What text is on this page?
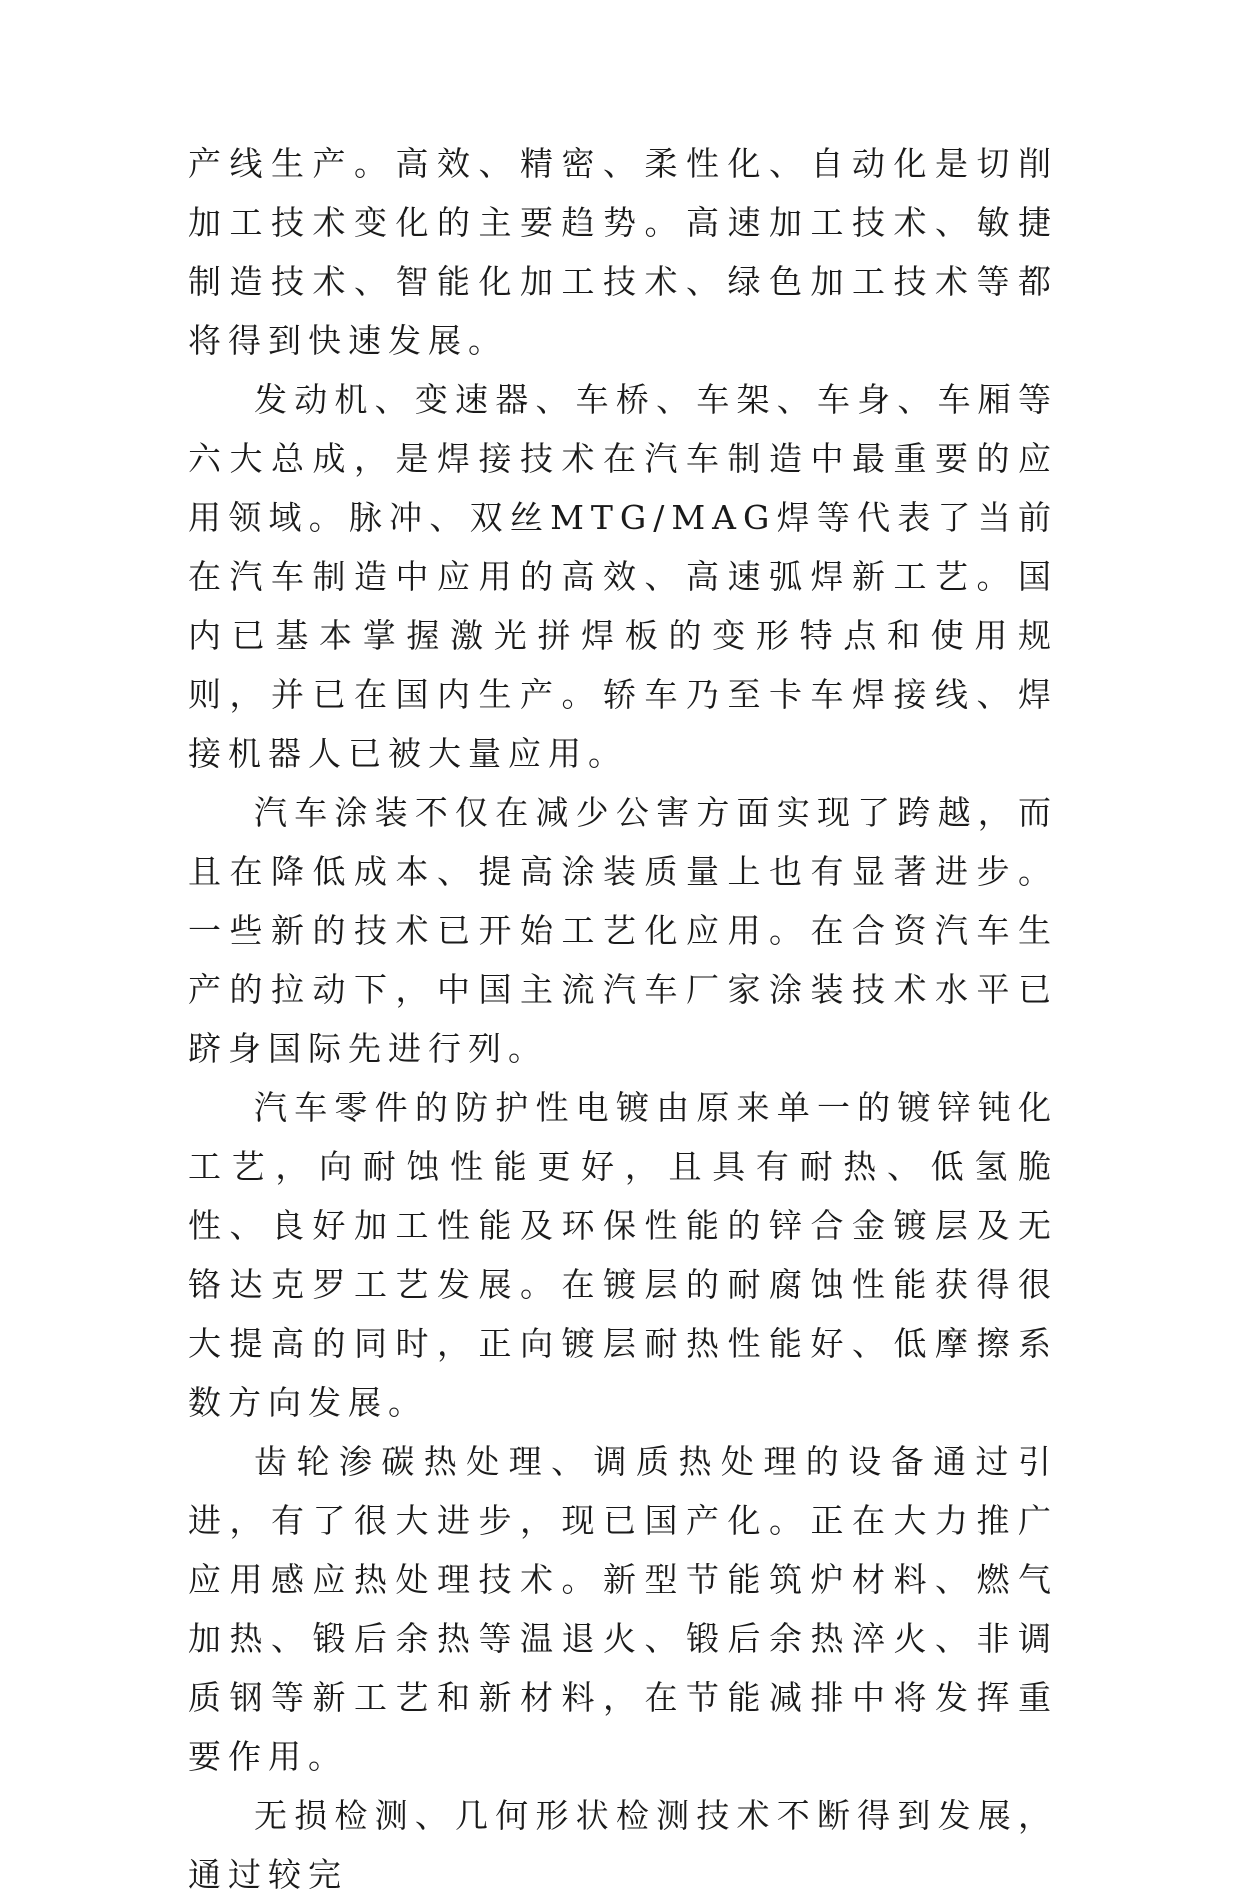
产线生产。高效、精密、柔性化、自动化是切削加工技术变化的主要趋势。高速加工技术、敏捷制造技术、智能化加工技术、绿色加工技术等都将得到快速发展。

发动机、变速器、车桥、车架、车身、车厢等六大总成，是焊接技术在汽车制造中最重要的应用领域。脉冲、双丝MTG/MAG焊等代表了当前在汽车制造中应用的高效、高速弧焊新工艺。国内已基本掌握激光拼焊板的变形特点和使用规则，并已在国内生产。轿车乃至卡车焊接线、焊接机器人已被大量应用。

汽车涂装不仅在减少公害方面实现了跨越，而且在降低成本、提高涂装质量上也有显著进步。一些新的技术已开始工艺化应用。在合资汽车生产的拉动下，中国主流汽车厂家涂装技术水平已跻身国际先进行列。

汽车零件的防护性电镀由原来单一的镀锌钝化工艺，向耐蚀性能更好，且具有耐热、低氢脆性、良好加工性能及环保性能的锌合金镀层及无铬达克罗工艺发展。在镀层的耐腐蚀性能获得很大提高的同时，正向镀层耐热性能好、低摩擦系数方向发展。

齿轮渗碳热处理、调质热处理的设备通过引进，有了很大进步，现已国产化。正在大力推广应用感应热处理技术。新型节能筑炉材料、燃气加热、锻后余热等温退火、锻后余热淬火、非调质钢等新工艺和新材料，在节能减排中将发挥重要作用。

无损检测、几何形状检测技术不断得到发展，通过较完
